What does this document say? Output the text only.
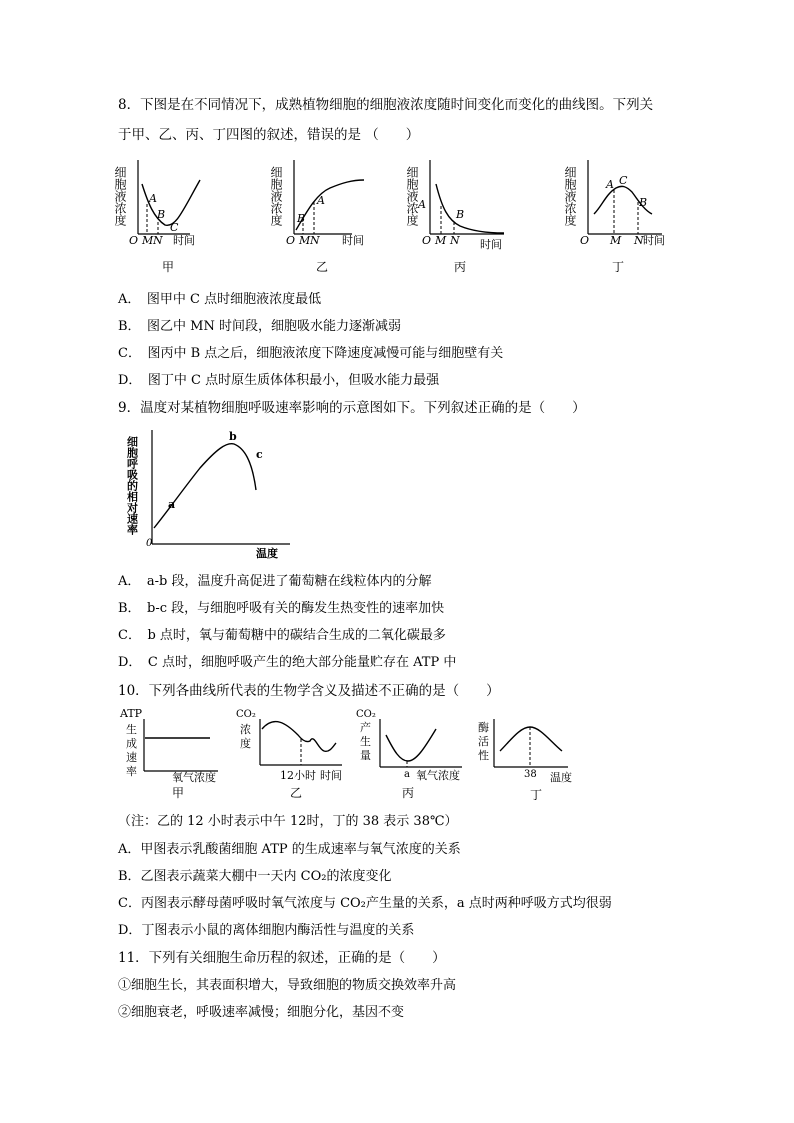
8．下图是在不同情况下，成熟植物细胞的细胞液浓度随时间变化而变化的曲线图。下列关
于甲、乙、丙、丁四图的叙述，错误的是 （　　）
细胞液浓度 A
B
C
O M N 时间
甲
细胞液浓度 B
A
O M N 时间
乙
细胞液浓度 A
B
O M N 时间
丙
细胞液浓度	A C
B
O M N 时间
丁
A．　图甲中 C 点时细胞液浓度最低
B．　图乙中 MN 时间段，细胞吸水能力逐渐减弱
C．　图丙中 B 点之后，细胞液浓度下降速度减慢可能与细胞壁有关
D．　图丁中 C 点时原生质体体积最小，但吸水能力最强
9．温度对某植物细胞呼吸速率影响的示意图如下。下列叙述正确的是（　　）
细胞呼吸的相对速率	a
b
c
0
温度
A．　a-b 段，温度升高促进了葡萄糖在线粒体内的分解
B．　b-c 段，与细胞呼吸有关的酶发生热变性的速率加快
C．　b 点时，氧与葡萄糖中的碳结合生成的二氧化碳最多
D．　C 点时，细胞呼吸产生的绝大部分能量贮存在 ATP 中
10．下列各曲线所代表的生物学含义及描述不正确的是（　　）
ATP
生
成
速
率	氧气浓度
甲
CO₂
浓
度
12小时 时间
乙
CO₂
产
生
量
a 氧气浓度
丙
酶
活
性
38 温度
丁
（注：乙的 12 小时表示中午 12时，丁的 38 表示 38℃）
A．甲图表示乳酸菌细胞 ATP 的生成速率与氧气浓度的关系
B．乙图表示蔬菜大棚中一天内 CO₂的浓度变化
C．丙图表示酵母菌呼吸时氧气浓度与 CO₂产生量的关系，a 点时两种呼吸方式均很弱
D．丁图表示小鼠的离体细胞内酶活性与温度的关系
11．下列有关细胞生命历程的叙述，正确的是（　　）
①细胞生长，其表面积增大，导致细胞的物质交换效率升高
②细胞衰老，呼吸速率减慢；细胞分化，基因不变
